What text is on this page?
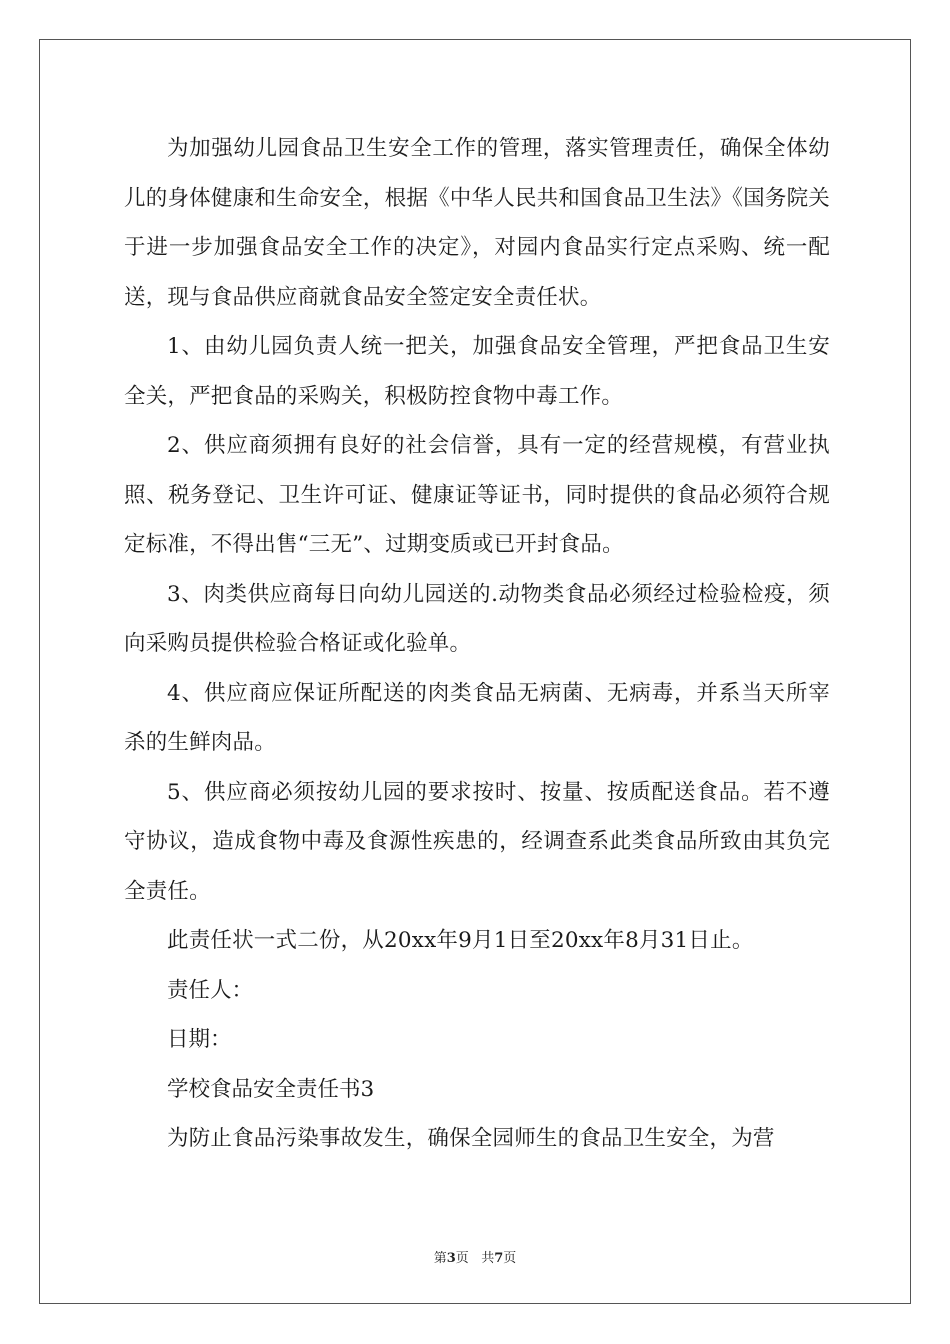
为加强幼儿园食品卫生安全工作的管理，落实管理责任，确保全体幼儿的身体健康和生命安全，根据《中华人民共和国食品卫生法》《国务院关于进一步加强食品安全工作的决定》，对园内食品实行定点采购、统一配送，现与食品供应商就食品安全签定安全责任状。

1、由幼儿园负责人统一把关，加强食品安全管理，严把食品卫生安全关，严把食品的采购关，积极防控食物中毒工作。

2、供应商须拥有良好的社会信誉，具有一定的经营规模，有营业执照、税务登记、卫生许可证、健康证等证书，同时提供的食品必须符合规定标准，不得出售“三无”、过期变质或已开封食品。

3、肉类供应商每日向幼儿园送的.动物类食品必须经过检验检疫，须向采购员提供检验合格证或化验单。

4、供应商应保证所配送的肉类食品无病菌、无病毒，并系当天所宰杀的生鲜肉品。

5、供应商必须按幼儿园的要求按时、按量、按质配送食品。若不遵守协议，造成食物中毒及食源性疾患的，经调查系此类食品所致由其负完全责任。

此责任状一式二份，从20xx年9月1日至20xx年8月31日止。

责任人：

日期：

学校食品安全责任书3

为防止食品污染事故发生，确保全园师生的食品卫生安全，为营

第3页 共7页
